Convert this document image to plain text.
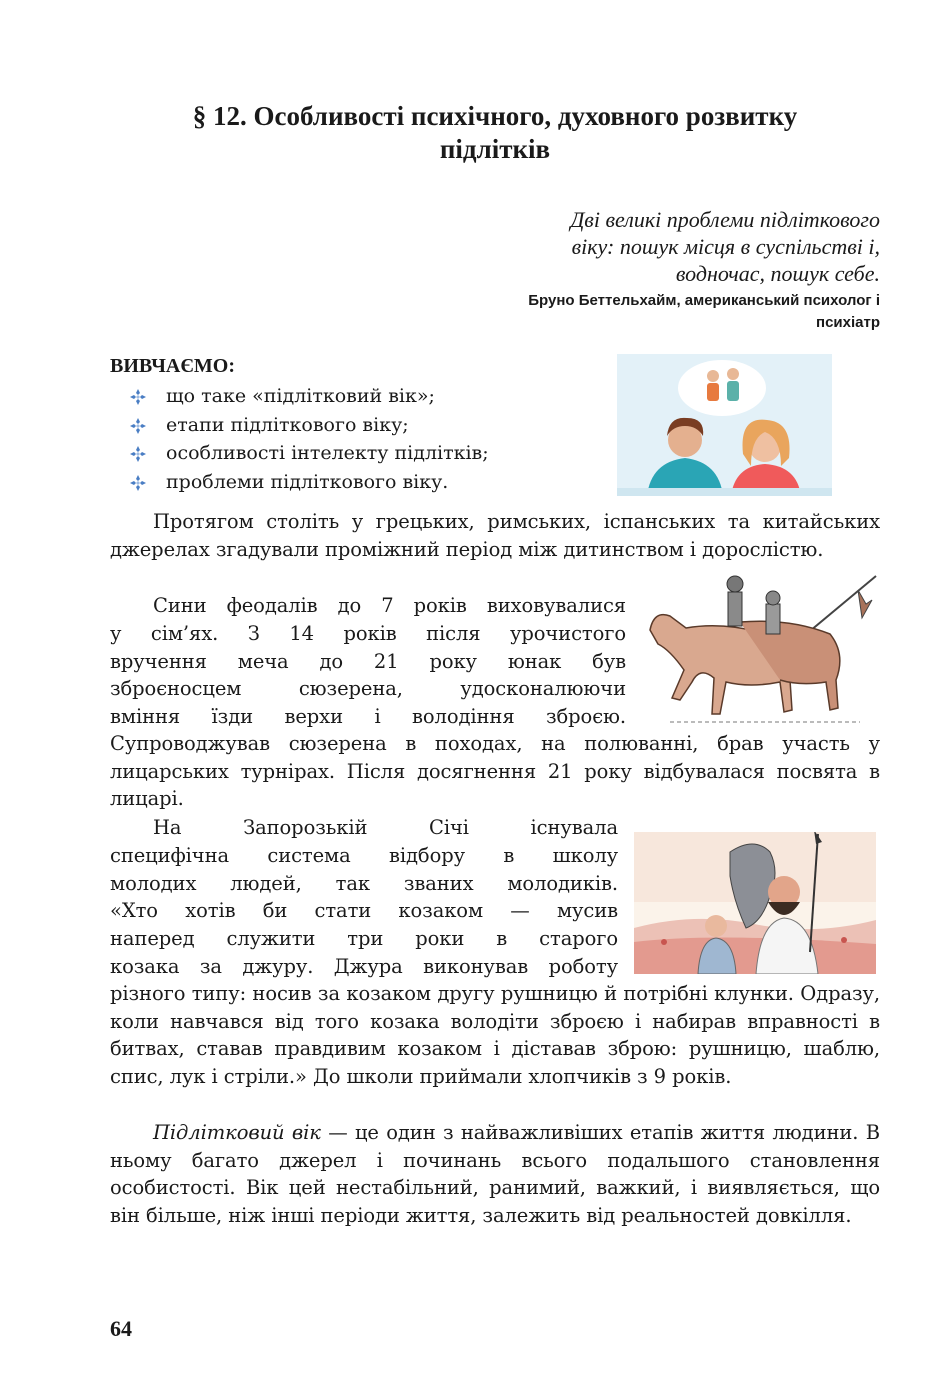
§ 12. Особливості психічного, духовного розвитку
підлітків
Дві великі проблеми підліткового
віку: пошук місця в суспільстві і,
водночас, пошук себе.
Бруно Беттельхайм, американський психолог і
психіатр
ВИВЧАЄМО:
що таке «підлітковий вік»;
етапи підліткового віку;
особливості інтелекту підлітків;
проблеми підліткового віку.
Протягом століть у грецьких, римських, іспанських та китайських джерелах згадували проміжний період між дитинством і дорослістю.

Сини феодалів до 7 років виховувалися

у сім’ях. З 14 років після урочистого

вручення меча до 21 року юнак був

зброєносцем сюзерена, удосконалюючи

вміння їзди верхи і володіння зброєю.

Супроводжував сюзерена в походах, на полюванні, брав участь у лицарських турнірах. Після досягнення 21 року відбувалася посвята в лицарі.

На Запорозькій Січі існувала

специфічна система відбору в школу

молодих людей, так званих молодиків.

«Хто хотів би стати козаком — мусив

наперед служити три роки в старого

козака за джуру. Джура виконував роботу

різного типу: носив за козаком другу рушницю й потрібні клунки. Одразу, коли навчався від того козака володіти зброєю і набирав вправності в битвах, ставав правдивим козаком і діставав зброю: рушницю, шаблю, спис, лук і стріли.» До школи приймали хлопчиків з 9 років.
Підлітковий вік — це один з найважливіших етапів життя людини. В ньому багато джерел і починань всього подальшого становлення особистості. Вік цей нестабільний, ранимий, важкий, і виявляється, що він більше, ніж інші періоди життя, залежить від реальностей довкілля.
64
